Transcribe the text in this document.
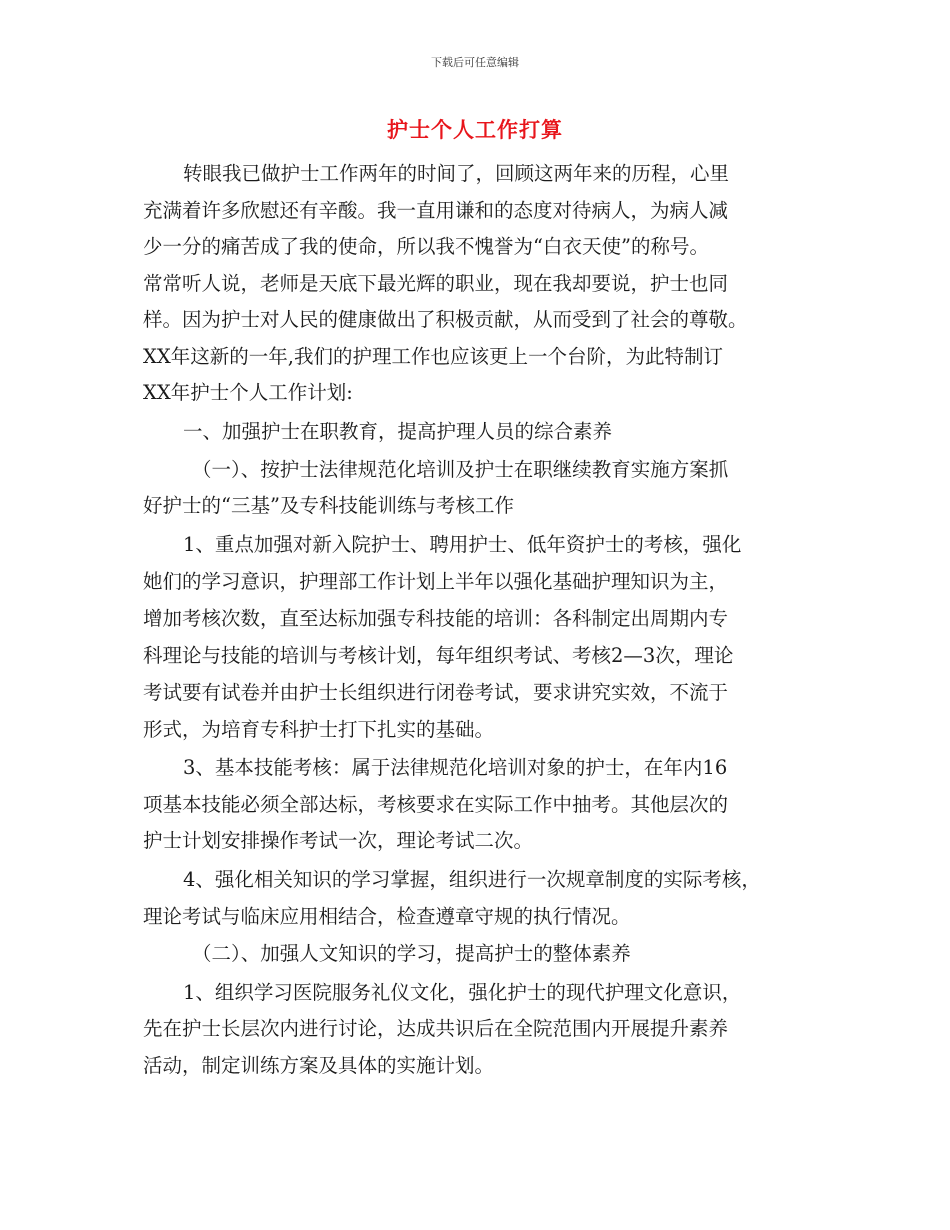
下载后可任意编辑
护士个人工作打算
转眼我已做护士工作两年的时间了，回顾这两年来的历程，心里
充满着许多欣慰还有辛酸。我一直用谦和的态度对待病人，为病人减
少一分的痛苦成了我的使命，所以我不愧誉为“白衣天使”的称号。
常常听人说，老师是天底下最光辉的职业，现在我却要说，护士也同
样。因为护士对人民的健康做出了积极贡献，从而受到了社会的尊敬。
XX年这新的一年,我们的护理工作也应该更上一个台阶，为此特制订
XX年护士个人工作计划:
一、加强护士在职教育，提高护理人员的综合素养
（一）、按护士法律规范化培训及护士在职继续教育实施方案抓
好护士的“三基”及专科技能训练与考核工作
1、重点加强对新入院护士、聘用护士、低年资护士的考核，强化
她们的学习意识，护理部工作计划上半年以强化基础护理知识为主，
增加考核次数，直至达标加强专科技能的培训：各科制定出周期内专
科理论与技能的培训与考核计划，每年组织考试、考核2—3次，理论
考试要有试卷并由护士长组织进行闭卷考试，要求讲究实效，不流于
形式，为培育专科护士打下扎实的基础。
3、基本技能考核：属于法律规范化培训对象的护士，在年内16
项基本技能必须全部达标，考核要求在实际工作中抽考。其他层次的
护士计划安排操作考试一次，理论考试二次。
4、强化相关知识的学习掌握，组织进行一次规章制度的实际考核，
理论考试与临床应用相结合，检查遵章守规的执行情况。
（二）、加强人文知识的学习，提高护士的整体素养
1、组织学习医院服务礼仪文化，强化护士的现代护理文化意识，
先在护士长层次内进行讨论，达成共识后在全院范围内开展提升素养
活动，制定训练方案及具体的实施计划。
